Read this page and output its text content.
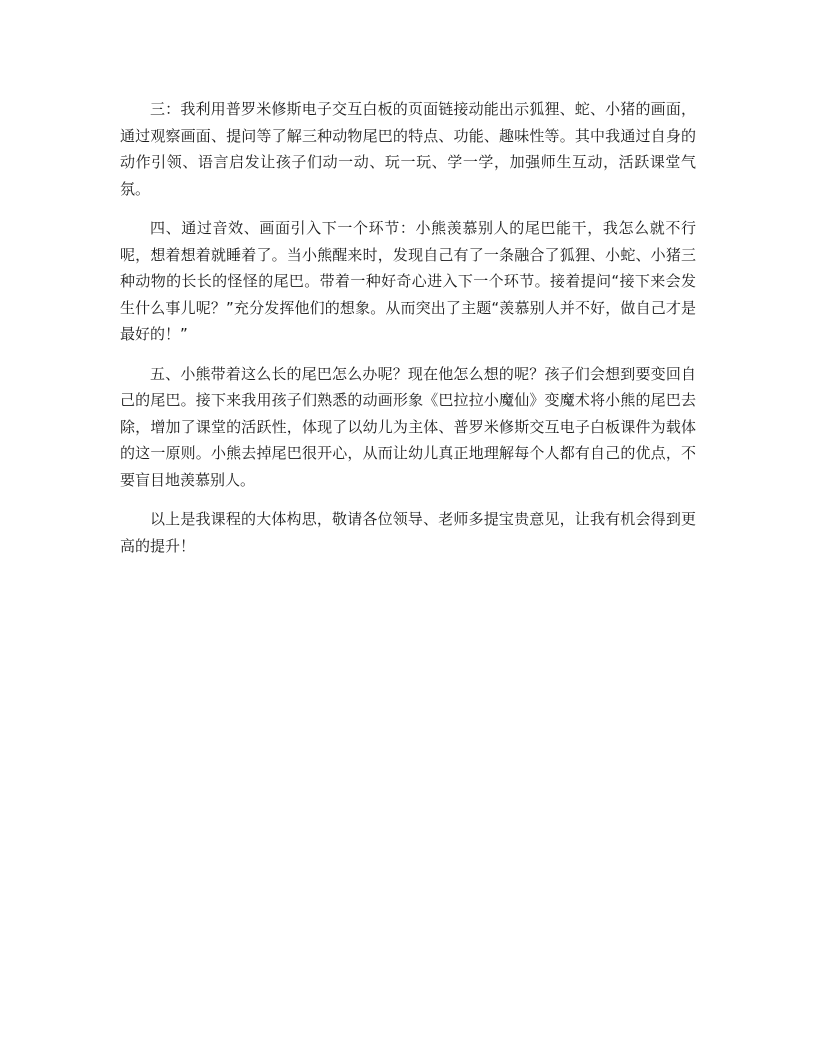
三：我利用普罗米修斯电子交互白板的页面链接动能出示狐狸、蛇、小猪的画面，通过观察画面、提问等了解三种动物尾巴的特点、功能、趣味性等。其中我通过自身的动作引领、语言启发让孩子们动一动、玩一玩、学一学，加强师生互动，活跃课堂气氛。

四、通过音效、画面引入下一个环节：小熊羡慕别人的尾巴能干，我怎么就不行呢，想着想着就睡着了。当小熊醒来时，发现自己有了一条融合了狐狸、小蛇、小猪三种动物的长长的怪怪的尾巴。带着一种好奇心进入下一个环节。接着提问“接下来会发生什么事儿呢？”充分发挥他们的想象。从而突出了主题“羡慕别人并不好，做自己才是最好的！”

五、小熊带着这么长的尾巴怎么办呢？现在他怎么想的呢？孩子们会想到要变回自己的尾巴。接下来我用孩子们熟悉的动画形象《巴拉拉小魔仙》变魔术将小熊的尾巴去除，增加了课堂的活跃性，体现了以幼儿为主体、普罗米修斯交互电子白板课件为载体的这一原则。小熊去掉尾巴很开心，从而让幼儿真正地理解每个人都有自己的优点，不要盲目地羡慕别人。

以上是我课程的大体构思，敬请各位领导、老师多提宝贵意见，让我有机会得到更高的提升！
